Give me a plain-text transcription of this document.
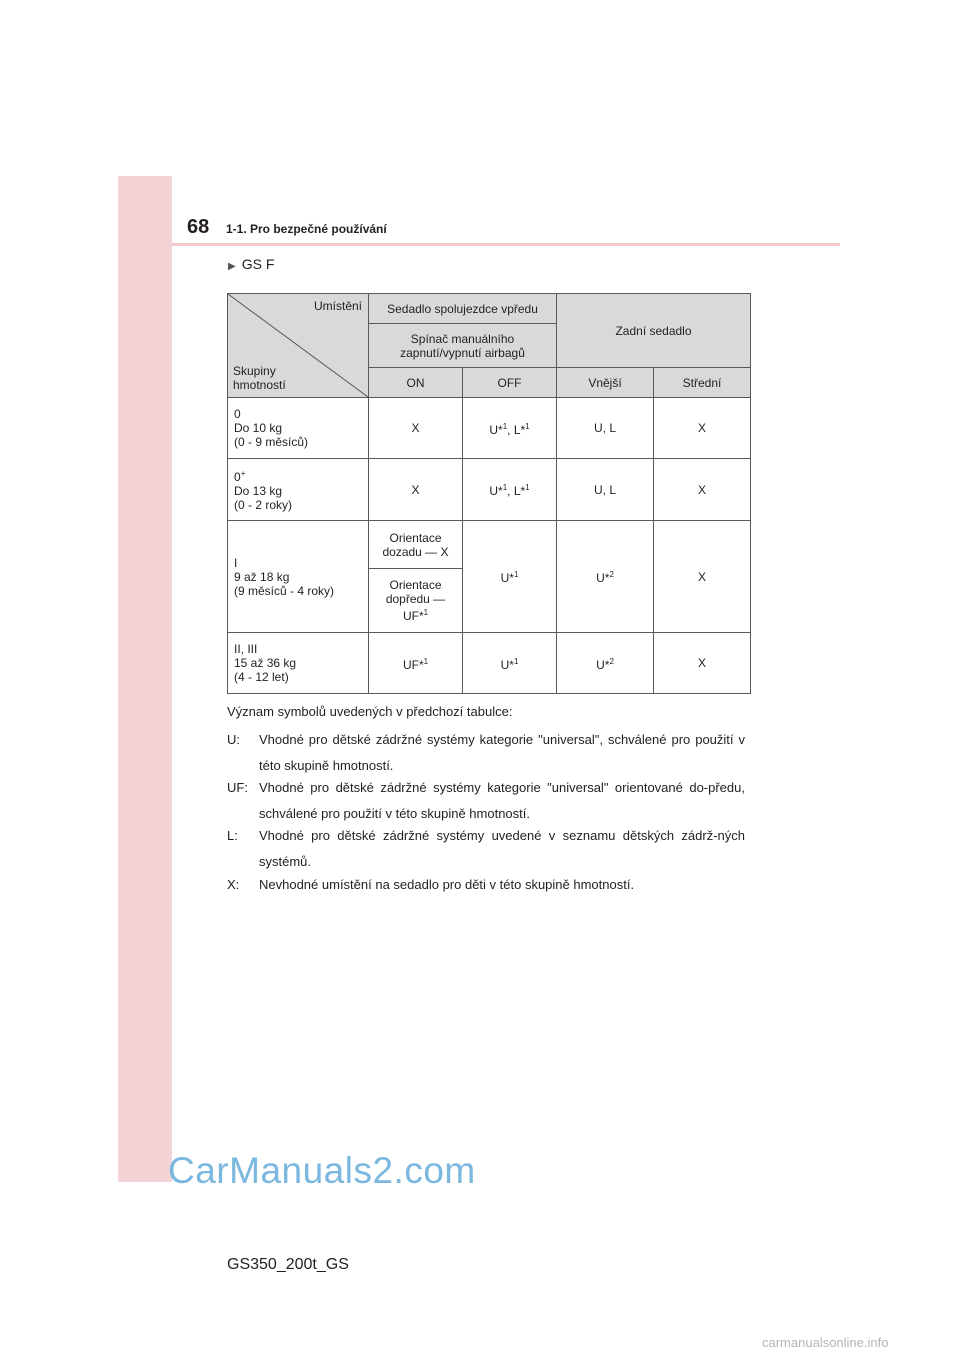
68 1-1. Pro bezpečné používání
▶ GS F
Umístění
Skupiny
hmotností	Sedadlo spolujezdce vpředu		Zadní sedadlo	
	Spínač manuálního
zapnutí/vypnutí airbagů			
	ON	OFF	Vnější	Střední
0
Do 10 kg
(0 - 9 měsíců)	X	U*$^1$, L*$^1$	U, L	X
0+
Do 13 kg
(0 - 2 roky)	X	U*$^1$, L*$^1$	U, L	X
I
9 až 18 kg
(9 měsíců - 4 roky)	Orientace
dozadu — X	U*$^1$	U*$^2$	X
	Orientace
dopředu —
UF*$^1$
II, III
15 až 36 kg
(4 - 12 let)	UF*$^1$	U*$^1$	U*$^2$	X
Význam symbolů uvedených v předchozí tabulce:
U:	Vhodné pro dětské zádržné systémy kategorie "universal", schválené pro použití v této skupině hmotností.
UF: Vhodné pro dětské zádržné systémy kategorie "universal" orientované do-předu, schválené pro použití v této skupině hmotností.
L:	Vhodné pro dětské zádržné systémy uvedené v seznamu dětských zádrž-ných systémů.
X:	Nevhodné umístění na sedadlo pro děti v této skupině hmotností.
CarManuals2.com
GS350_200t_GS
carmanualsonline.info
